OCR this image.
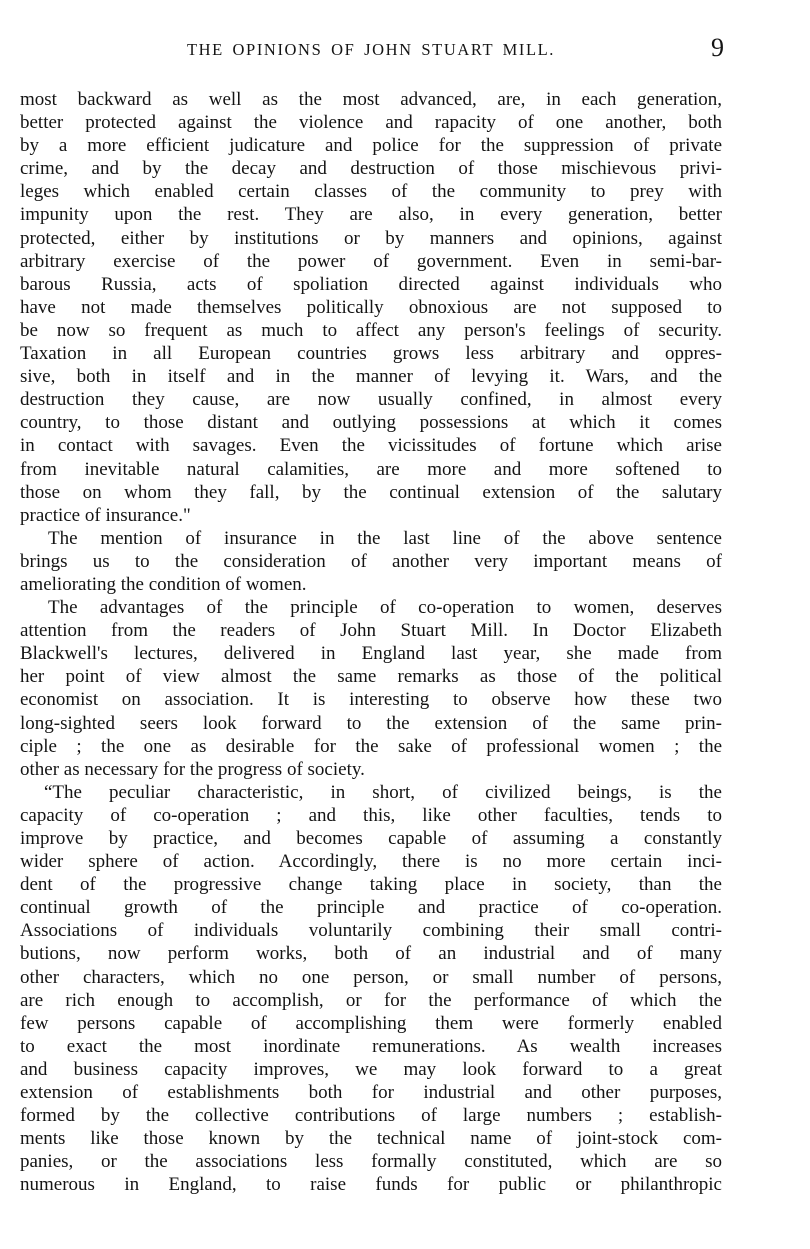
THE OPINIONS OF JOHN STUART MILL.	9
most backward as well as the most advanced, are, in each generation,
better protected against the violence and rapacity of one another, both
by a more efficient judicature and police for the suppression of private
crime, and by the decay and destruction of those mischievous privi-
leges which enabled certain classes of the community to prey with
impunity upon the rest. They are also, in every generation, better
protected, either by institutions or by manners and opinions, against
arbitrary exercise of the power of government. Even in semi-bar-
barous Russia, acts of spoliation directed against individuals who
have not made themselves politically obnoxious are not supposed to
be now so frequent as much to affect any person's feelings of security.
Taxation in all European countries grows less arbitrary and oppres-
sive, both in itself and in the manner of levying it. Wars, and the
destruction they cause, are now usually confined, in almost every
country, to those distant and outlying possessions at which it comes
in contact with savages. Even the vicissitudes of fortune which arise
from inevitable natural calamities, are more and more softened to
those on whom they fall, by the continual extension of the salutary
practice of insurance."
The mention of insurance in the last line of the above sentence
brings us to the consideration of another very important means of
ameliorating the condition of women.
The advantages of the principle of co-operation to women, deserves
attention from the readers of John Stuart Mill. In Doctor Elizabeth
Blackwell's lectures, delivered in England last year, she made from
her point of view almost the same remarks as those of the political
economist on association. It is interesting to observe how these two
long-sighted seers look forward to the extension of the same prin-
ciple ; the one as desirable for the sake of professional women ; the
other as necessary for the progress of society.
“The peculiar characteristic, in short, of civilized beings, is the
capacity of co-operation ; and this, like other faculties, tends to
improve by practice, and becomes capable of assuming a constantly
wider sphere of action. Accordingly, there is no more certain inci-
dent of the progressive change taking place in society, than the
continual growth of the principle and practice of co-operation.
Associations of individuals voluntarily combining their small contri-
butions, now perform works, both of an industrial and of many
other characters, which no one person, or small number of persons,
are rich enough to accomplish, or for the performance of which the
few persons capable of accomplishing them were formerly enabled
to exact the most inordinate remunerations. As wealth increases
and business capacity improves, we may look forward to a great
extension of establishments both for industrial and other purposes,
formed by the collective contributions of large numbers ; establish-
ments like those known by the technical name of joint-stock com-
panies, or the associations less formally constituted, which are so
numerous in England, to raise funds for public or philanthropic
